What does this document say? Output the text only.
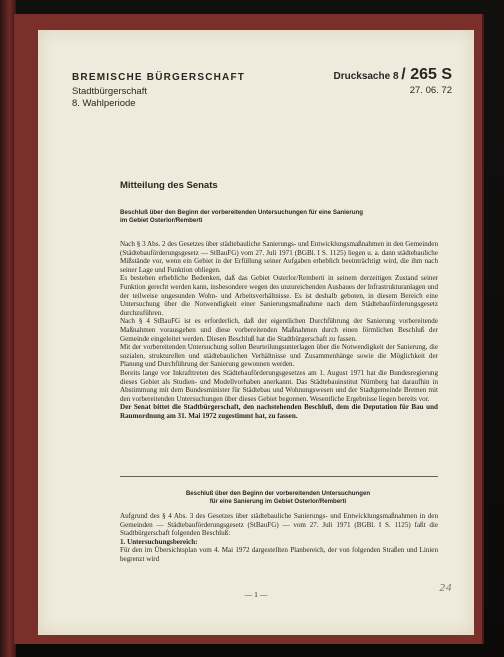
BREMISCHE BÜRGERSCHAFT

Stadtbürgerschaft

8. Wahlperiode

Drucksache 8 / 265 S
27. 06. 72
Mitteilung des Senats
Beschluß über den Beginn der vorbereitenden Untersuchungen für eine Sanierung
im Gebiet Osterlor/Remberti

Nach § 3 Abs. 2 des Gesetzes über städtebauliche Sanierungs- und Entwicklungsmaßnahmen in den Gemeinden (Städtebauförderungsgesetz — StBauFG) vom 27. Juli 1971 (BGBl. I S. 1125) liegen u. a. dann städtebauliche Mißstände vor, wenn ein Gebiet in der Erfüllung seiner Aufgaben erheblich beeinträchtigt wird, die ihm nach seiner Lage und Funktion obliegen.

Es bestehen erhebliche Bedenken, daß das Gebiet Osterlor/Remberti in seinem derzeitigen Zustand seiner Funktion gerecht werden kann, insbesondere wegen des unzureichenden Ausbaues der Infrastrukturanlagen und der teilweise ungesunden Wohn- und Arbeitsverhältnisse. Es ist deshalb geboten, in diesem Bereich eine Untersuchung über die Notwendigkeit einer Sanierungsmaßnahme nach dem Städtebauförderungsgesetz durchzuführen.

Nach § 4 StBauFG ist es erforderlich, daß der eigentlichen Durchführung der Sanierung vorbereitende Maßnahmen vorausgehen und diese vorbereitenden Maßnahmen durch einen förmlichen Beschluß der Gemeinde eingeleitet werden. Diesen Beschluß hat die Stadtbürgerschaft zu fassen.

Mit der vorbereitenden Untersuchung sollen Beurteilungsunterlagen über die Notwendigkeit der Sanierung, die sozialen, strukturellen und städtebaulichen Verhältnisse und Zusammenhänge sowie die Möglichkeit der Planung und Durchführung der Sanierung gewonnen werden.

Bereits lange vor Inkrafttreten des Städtebauförderungsgesetzes am 1. August 1971 hat die Bundesregierung dieses Gebiet als Studien- und Modellvorhaben anerkannt. Das Städtebauinstitut Nürnberg hat daraufhin in Abstimmung mit dem Bundesminister für Städtebau und Wohnungswesen und der Stadtgemeinde Bremen mit den vorbereitenden Untersuchungen über dieses Gebiet begonnen. Wesentliche Ergebnisse liegen bereits vor.

Der Senat bittet die Stadtbürgerschaft, den nachstehenden Beschluß, dem die Deputation für Bau und Raumordnung am 31. Mai 1972 zugestimmt hat, zu fassen.

Beschluß über den Beginn der vorbereitenden Untersuchungen
für eine Sanierung im Gebiet Osterlor/Remberti

Aufgrund des § 4 Abs. 3 des Gesetzes über städtebauliche Sanierungs- und Entwicklungsmaßnahmen in den Gemeinden — Städtebauförderungsgesetz (StBauFG) — vom 27. Juli 1971 (BGBl. I S. 1125) faßt die Stadtbürgerschaft folgenden Beschluß:

1. Untersuchungsbereich:

Für den im Übersichtsplan vom 4. Mai 1972 dargestellten Planbereich, der von folgenden Straßen und Linien begrenzt wird

— 1 —
24
